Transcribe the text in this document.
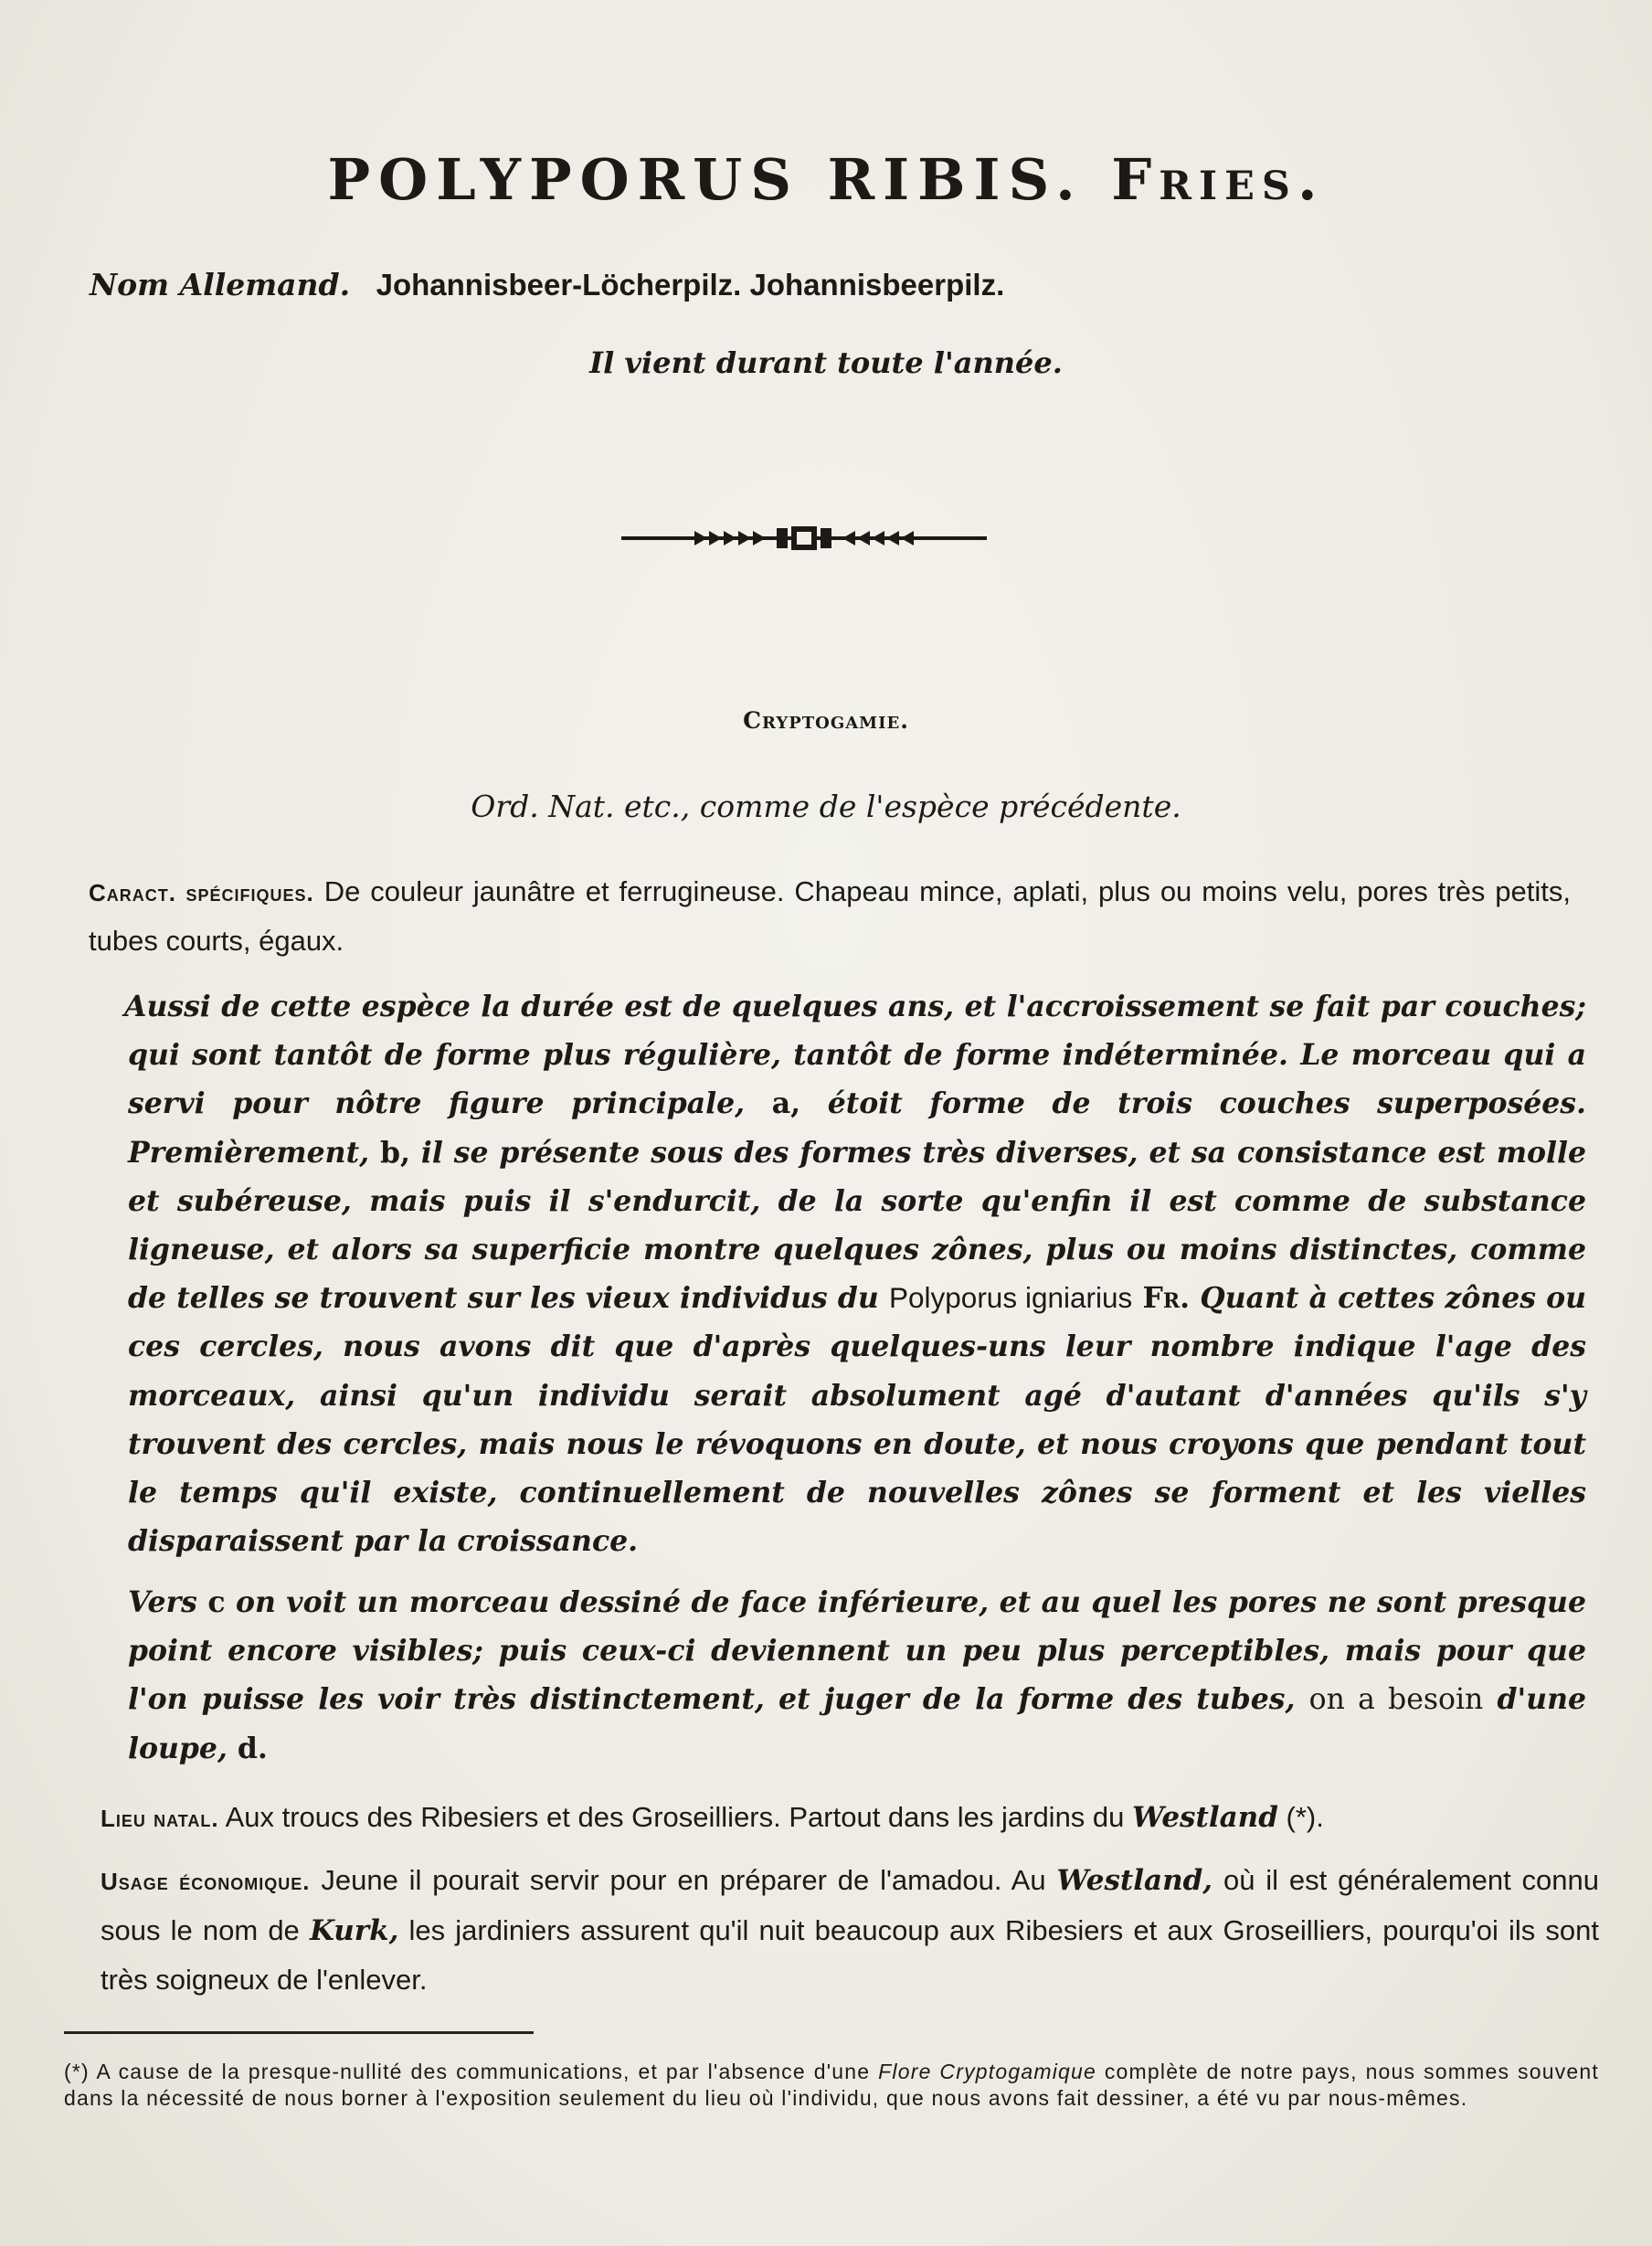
POLYPORUS RIBIS. Fries.
Nom Allemand. Johannisbeer-Löcherpilz. Johannisbeerpilz.
Il vient durant toute l'année.
Cryptogamie.
Ord. Nat. etc., comme de l'espèce précédente.
Caract. spécifiques. De couleur jaunâtre et ferrugineuse. Chapeau mince, aplati, plus ou moins velu, pores très petits, tubes courts, égaux.
Aussi de cette espèce la durée est de quelques ans, et l'accroissement se fait par couches; qui sont tantôt de forme plus régulière, tantôt de forme indéterminée. Le morceau qui a servi pour nôtre figure principale, a, étoit forme de trois couches superposées. Premièrement, b, il se présente sous des formes très diverses, et sa consistance est molle et subéreuse, mais puis il s'endurcit, de la sorte qu'enfin il est comme de substance ligneuse, et alors sa superficie montre quelques zônes, plus ou moins distinctes, comme de telles se trouvent sur les vieux individus du Polyporus igniarius Fr. Quant à cettes zônes ou ces cercles, nous avons dit que d'après quelques-uns leur nombre indique l'age des morceaux, ainsi qu'un individu serait absolument agé d'autant d'années qu'ils s'y trouvent des cercles, mais nous le révoquons en doute, et nous croyons que pendant tout le temps qu'il existe, continuellement de nouvelles zônes se forment et les vielles disparaissent par la croissance.
Vers c on voit un morceau dessiné de face inférieure, et au quel les pores ne sont presque point encore visibles; puis ceux-ci deviennent un peu plus perceptibles, mais pour que l'on puisse les voir très distinctement, et juger de la forme des tubes, on a besoin d'une loupe, d.
Lieu natal. Aux troucs des Ribesiers et des Groseilliers. Partout dans les jardins du Westland (*).
Usage économique. Jeune il pourait servir pour en préparer de l'amadou. Au Westland, où il est généralement connu sous le nom de Kurk, les jardiniers assurent qu'il nuit beaucoup aux Ribesiers et aux Groseilliers, pourqu'oi ils sont très soigneux de l'enlever.
(*) A cause de la presque-nullité des communications, et par l'absence d'une Flore Cryptogamique complète de notre pays, nous sommes souvent dans la nécessité de nous borner à l'exposition seulement du lieu où l'individu, que nous avons fait dessiner, a été vu par nous-mêmes.
